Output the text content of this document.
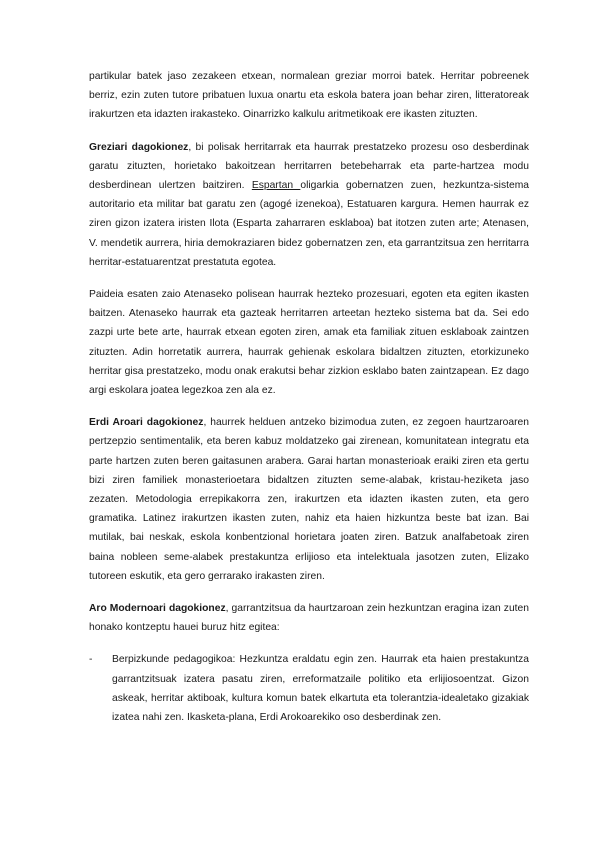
partikular batek jaso zezakeen etxean, normalean greziar morroi batek. Herritar pobreenek berriz, ezin zuten tutore pribatuen luxua onartu eta eskola batera joan behar ziren, litteratoreak irakurtzen eta idazten irakasteko. Oinarrizko kalkulu aritmetikoak ere ikasten zituzten.

Greziari dagokionez, bi polisak herritarrak eta haurrak prestatzeko prozesu oso desberdinak garatu zituzten, horietako bakoitzean herritarren betebeharrak eta parte-hartzea modu desberdinean ulertzen baitziren. Espartan oligarkia gobernatzen zuen, hezkuntza-sistema autoritario eta militar bat garatu zen (agogé izenekoa), Estatuaren kargura. Hemen haurrak ez ziren gizon izatera iristen Ilota (Esparta zaharraren esklaboa) bat itotzen zuten arte; Atenasen, V. mendetik aurrera, hiria demokraziaren bidez gobernatzen zen, eta garrantzitsua zen herritarra herritar-estatuarentzat prestatuta egotea.

Paideia esaten zaio Atenaseko polisean haurrak hezteko prozesuari, egoten eta egiten ikasten baitzen. Atenaseko haurrak eta gazteak herritarren arteetan hezteko sistema bat da. Sei edo zazpi urte bete arte, haurrak etxean egoten ziren, amak eta familiak zituen esklaboak zaintzen zituzten. Adin horretatik aurrera, haurrak gehienak eskolara bidaltzen zituzten, etorkizuneko herritar gisa prestatzeko, modu onak erakutsi behar zizkion esklabo baten zaintzapean. Ez dago argi eskolara joatea legezkoa zen ala ez.

Erdi Aroari dagokionez, haurrek helduen antzeko bizimodua zuten, ez zegoen haurtzaroaren pertzepzio sentimentalik, eta beren kabuz moldatzeko gai zirenean, komunitatean integratu eta parte hartzen zuten beren gaitasunen arabera. Garai hartan monasterioak eraiki ziren eta gertu bizi ziren familiek monasterioetara bidaltzen zituzten seme-alabak, kristau-heziketa jaso zezaten. Metodologia errepikakorra zen, irakurtzen eta idazten ikasten zuten, eta gero gramatika. Latinez irakurtzen ikasten zuten, nahiz eta haien hizkuntza beste bat izan. Bai mutilak, bai neskak, eskola konbentzional horietara joaten ziren. Batzuk analfabetoak ziren baina nobleen seme-alabek prestakuntza erlijioso eta intelektuala jasotzen zuten, Elizako tutoreen eskutik, eta gero gerrarako irakasten ziren.

Aro Modernoari dagokionez, garrantzitsua da haurtzaroan zein hezkuntzan eragina izan zuten honako kontzeptu hauei buruz hitz egitea:

- Berpizkunde pedagogikoa: Hezkuntza eraldatu egin zen. Haurrak eta haien prestakuntza garrantzitsuak izatera pasatu ziren, erreformatzaile politiko eta erlijiosoentzat. Gizon askeak, herritar aktiboak, kultura komun batek elkartuta eta tolerantzia-idealetako gizakiak izatea nahi zen. Ikasketa-plana, Erdi Arokoarekiko oso desberdinak zen.
